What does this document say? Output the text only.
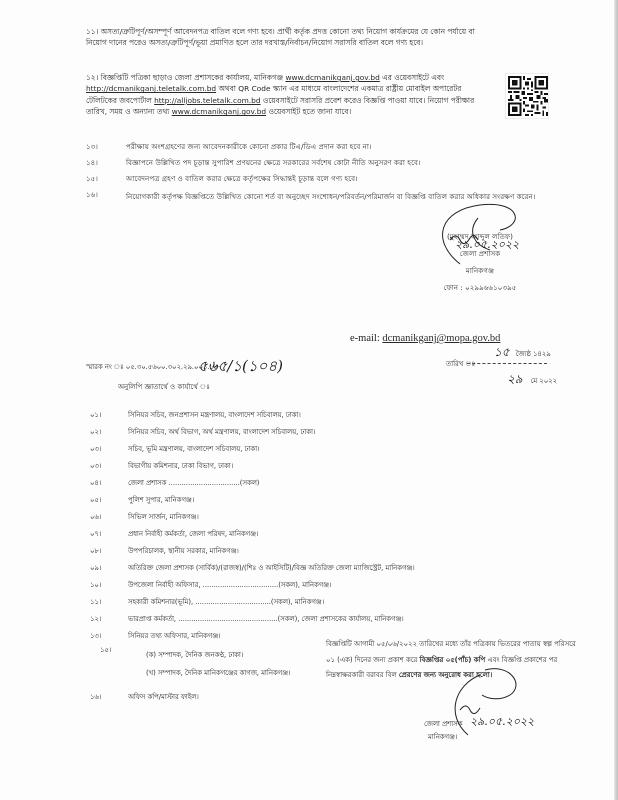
১১। অসত্য/ত্রুটিপূর্ণ/অসম্পূর্ণ আবেদনপত্র বাতিল বলে গণ্য হবে। প্রার্থী কর্তৃক প্রদত্ত কোনো তথ্য নিয়োগ কার্যক্রমের যে কোন পর্যায়ে বা নিয়োগ দানের পরেও অসত্য/ত্রুটিপূর্ণ/ভূয়া প্রমাণিত হলে তার দরখাস্ত/নির্বাচন/নিয়োগ সরাসরি বাতিল বলে গণ্য হবে।
১২। বিজ্ঞপ্তিটি পত্রিকা ছাড়াও জেলা প্রশাসকের কার্যালয়, মানিকগঞ্জ www.dcmanikganj.gov.bd এর ওয়েবসাইটে এবং http://dcmanikganj.teletalk.com.bd অথবা QR Code স্ক্যান এর মাধ্যমে বাংলাদেশের একমাত্র রাষ্ট্রীয় মোবাইল অপারেটর টেলিটকের জবপোর্টাল http://alljobs.teletalk.com.bd ওয়েবসাইটে সরাসরি প্রবেশ করেও বিজ্ঞপ্তি পাওয়া যাবে। নিয়োগ পরীক্ষার তারিখ, সময় ও অন্যান্য তথ্য www.dcmanikganj.gov.bd ওয়েবসাইট হতে জানা যাবে।
১৩।	পরীক্ষায় অংশগ্রহণের জন্য আবেদনকারীকে কোনো প্রকার টিএ/ডিএ প্রদান করা হবে না।
১৪।	বিজ্ঞাপনে উল্লিখিত পদ চূড়ান্ত সুপারিশ প্রণয়নের ক্ষেত্রে সরকারের সর্বশেষ কোটা নীতি অনুসরণ করা হবে।
১৫।	আবেদনপত্র গ্রহণ ও বাতিল করার ক্ষেত্রে কর্তৃপক্ষের সিদ্ধান্তই চূড়ান্ত বলে গণ্য হবে।
১৬।	নিয়োগকারী কর্তৃপক্ষ বিজ্ঞপ্তিতে উল্লিখিত কোনো শর্ত বা অনুচ্ছেদ সংশোধন/পরিবর্তন/পরিমার্জন বা বিজ্ঞপ্তি বাতিল করার অধিকার সংরক্ষণ করেন।
২৯.০৫.২০২২
(মুহাম্মদ আব্দুল লতিফ)
জেলা প্রশাসক
মানিকগঞ্জ
ফোন : ০২৯৯৬৬১০৩৯৫
e-mail: dcmanikganj@mopa.gov.bd
স্মারক নং ঃ ০৫.৩০.৫৬০০.৩০২.২৯.০০১.১৮-
৫৬৫/১(১০৪)
১৫ জ্যৈষ্ঠ ১৪২৯
তারিখ ঃ
২৯ মে ২০২২
অনুলিপি জ্ঞাতার্থে ও কার্যার্থে ঃ
০১।	সিনিয়র সচিব, জনপ্রশাসন মন্ত্রণালয়, বাংলাদেশ সচিবালয়, ঢাকা।
০২।	সিনিয়র সচিব, অর্থ বিভাগ, অর্থ মন্ত্রণালয়, বাংলাদেশ সচিবালয়, ঢাকা।
০৩।	সচিব, ভূমি মন্ত্রণালয়, বাংলাদেশ সচিবালয়, ঢাকা।
০৩।	বিভাগীয় কমিশনার, ঢাকা বিভাগ, ঢাকা।
০৪।	জেলা প্রশাসক .................................(সকল)
০৫।	পুলিশ সুপার, মানিকগঞ্জ।
০৬।	সিভিল সার্জন, মানিকগঞ্জ।
০৭।	প্রধান নির্বাহী কর্মকর্তা, জেলা পরিষদ, মানিকগঞ্জ।
০৮।	উপপরিচালক, স্থানীয় সরকার, মানিকগঞ্জ।
০৯।	অতিরিক্ত জেলা প্রশাসক (সার্বিক)/(রাজস্ব)/(শিঃ ও আইসিটি)/বিজ্ঞ অতিরিক্ত জেলা ম্যাজিস্ট্রেট, মানিকগঞ্জ।
১০।	উপজেলা নির্বাহী অফিসার, ...................................(সকল), মানিকগঞ্জ।
১১।	সহকারী কমিশনার(ভূমি), ...................................(সকল), মানিকগঞ্জ।
১২।	ভারপ্রাপ্ত কর্মকর্তা, ..............................................(সকল), জেলা প্রশাসকের কার্যালয়, মানিকগঞ্জ।
১৩।	সিনিয়র তথ্য অফিসার, মানিকগঞ্জ।
১৫।
(ক) সম্পাদক, দৈনিক জনকণ্ঠ, ঢাকা।
(খ) সম্পাদক, দৈনিক মানিকগঞ্জের কাগজ, মানিকগঞ্জ।
বিজ্ঞপ্তিটি আগামী ০৫/০৬/২০২২ তারিখের মধ্যে তাঁর পত্রিকায় ভিতরের পাতায় স্বল্প পরিসরে ০১ (এক) দিনের জন্য প্রকাশ করে বিজ্ঞপ্তির ০৫(পাঁচ) কপি এবং বিজ্ঞপ্তি প্রকাশের পর নিম্নস্বাক্ষরকারী বরাবর বিল প্রেরণের জন্য অনুরোধ করা হলো।
১৬।	অফিস কপি/মাস্টার ফাইল।
২৯.০৫.২০২২
জেলা প্রশাসক
মানিকগঞ্জ।
